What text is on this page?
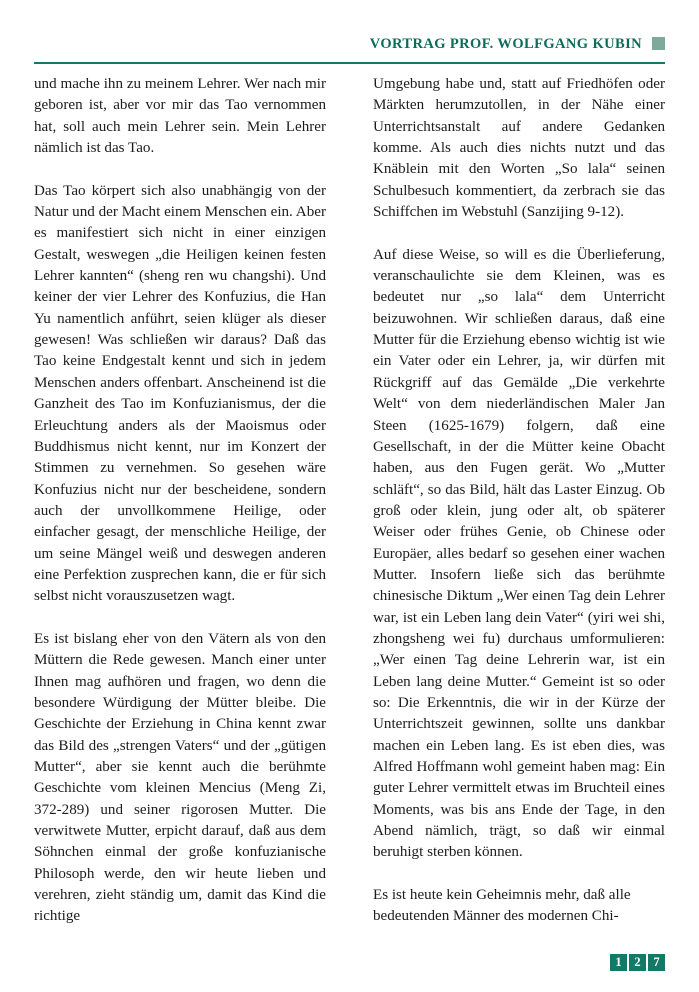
VORTRAG PROF. WOLFGANG KUBIN

und mache ihn zu meinem Lehrer. Wer nach mir geboren ist, aber vor mir das Tao vernommen hat, soll auch mein Lehrer sein. Mein Lehrer nämlich ist das Tao.

Das Tao körpert sich also unabhängig von der Natur und der Macht einem Menschen ein. Aber es manifestiert sich nicht in einer einzigen Gestalt, weswegen „die Heiligen keinen festen Lehrer kannten“ (sheng ren wu changshi). Und keiner der vier Lehrer des Konfuzius, die Han Yu namentlich anführt, seien klüger als dieser gewesen! Was schließen wir daraus? Daß das Tao keine Endgestalt kennt und sich in jedem Menschen anders offenbart. Anscheinend ist die Ganzheit des Tao im Konfuzianismus, der die Erleuchtung anders als der Maoismus oder Buddhismus nicht kennt, nur im Konzert der Stimmen zu vernehmen. So gesehen wäre Konfuzius nicht nur der bescheidene, sondern auch der unvollkommene Heilige, oder einfacher gesagt, der menschliche Heilige, der um seine Mängel weiß und deswegen anderen eine Perfektion zusprechen kann, die er für sich selbst nicht vorauszusetzen wagt.

Es ist bislang eher von den Vätern als von den Müttern die Rede gewesen. Manch einer unter Ihnen mag aufhören und fragen, wo denn die besondere Würdigung der Mütter bleibe. Die Geschichte der Erziehung in China kennt zwar das Bild des „strengen Vaters“ und der „gütigen Mutter“, aber sie kennt auch die berühmte Geschichte vom kleinen Mencius (Meng Zi, 372-289) und seiner rigorosen Mutter. Die verwitwete Mutter, erpicht darauf, daß aus dem Söhnchen einmal der große konfuzianische Philosoph werde, den wir heute lieben und verehren, zieht ständig um, damit das Kind die richtige

Umgebung habe und, statt auf Friedhöfen oder Märkten herumzutollen, in der Nähe einer Unterrichtsanstalt auf andere Gedanken komme. Als auch dies nichts nutzt und das Knäblein mit den Worten „So lala“ seinen Schulbesuch kommentiert, da zerbrach sie das Schiffchen im Webstuhl (Sanzijing 9-12).

Auf diese Weise, so will es die Überlieferung, veranschaulichte sie dem Kleinen, was es bedeutet nur „so lala“ dem Unterricht beizuwohnen. Wir schließen daraus, daß eine Mutter für die Erziehung ebenso wichtig ist wie ein Vater oder ein Lehrer, ja, wir dürfen mit Rückgriff auf das Gemälde „Die verkehrte Welt“ von dem niederländischen Maler Jan Steen (1625-1679) folgern, daß eine Gesellschaft, in der die Mütter keine Obacht haben, aus den Fugen gerät. Wo „Mutter schläft“, so das Bild, hält das Laster Einzug. Ob groß oder klein, jung oder alt, ob späterer Weiser oder frühes Genie, ob Chinese oder Europäer, alles bedarf so gesehen einer wachen Mutter. Insofern ließe sich das berühmte chinesische Diktum „Wer einen Tag dein Lehrer war, ist ein Leben lang dein Vater“ (yiri wei shi, zhongsheng wei fu) durchaus umformulieren: „Wer einen Tag deine Lehrerin war, ist ein Leben lang deine Mutter.“ Gemeint ist so oder so: Die Erkenntnis, die wir in der Kürze der Unterrichtszeit gewinnen, sollte uns dankbar machen ein Leben lang. Es ist eben dies, was Alfred Hoffmann wohl gemeint haben mag: Ein guter Lehrer vermittelt etwas im Bruchteil eines Moments, was bis ans Ende der Tage, in den Abend nämlich, trägt, so daß wir einmal beruhigt sterben können.

Es ist heute kein Geheimnis mehr, daß alle bedeutenden Männer des modernen Chi-

1	2	7
